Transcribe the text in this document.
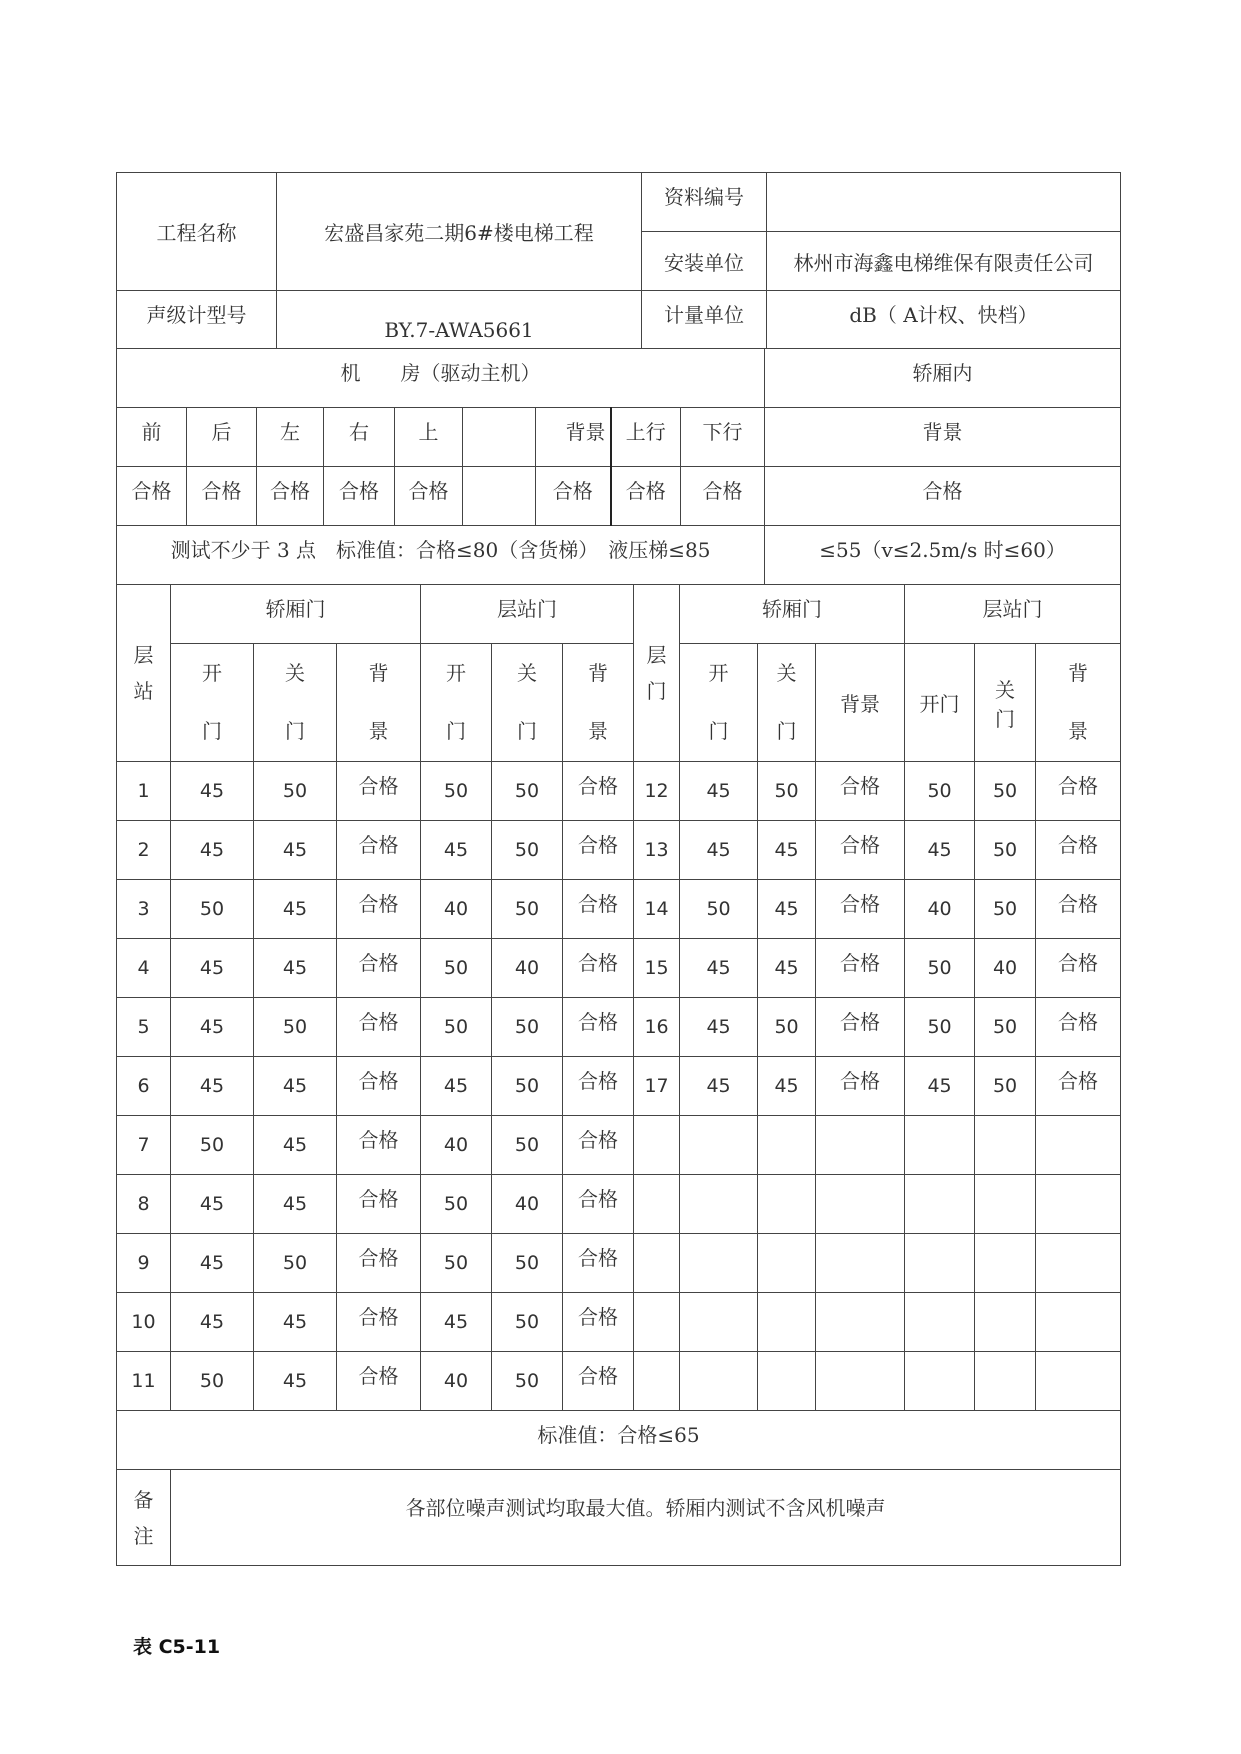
工程名称	宏盛昌家苑二期6#楼电梯工程	资料编号	
		安装单位	林州市海鑫电梯维保有限责任公司
声级计型号	BY.7-AWA5661	计量单位	dB（ A计权、快档）
机　　房（驱动主机）									轿厢内
前	后	左	右	上		背景	上行	下行	背景
合格	合格	合格	合格	合格		合格	合格	合格	合格
测试不少于 3 点　标准值：合格≤80（含货梯）　液压梯≤85									≤55（v≤2.5m/s 时≤60）
层站	轿厢门			层站门			层门	轿厢门			层站门		
	开门	关门	背景	开门	关门	背景		开门	关门	背景	开门	关门	背景
1	45	50	合格	50	50	合格	12	45	50	合格	50	50	合格
2	45	45	合格	45	50	合格	13	45	45	合格	45	50	合格
3	50	45	合格	40	50	合格	14	50	45	合格	40	50	合格
4	45	45	合格	50	40	合格	15	45	45	合格	50	40	合格
5	45	50	合格	50	50	合格	16	45	50	合格	50	50	合格
6	45	45	合格	45	50	合格	17	45	45	合格	45	50	合格
7	50	45	合格	40	50	合格							
8	45	45	合格	50	40	合格							
9	45	50	合格	50	50	合格							
10	45	45	合格	45	50	合格							
11	50	45	合格	40	50	合格							
标准值：合格≤65													
备注	各部位噪声测试均取最大值。轿厢内测试不含风机噪声												
表 C5-11
